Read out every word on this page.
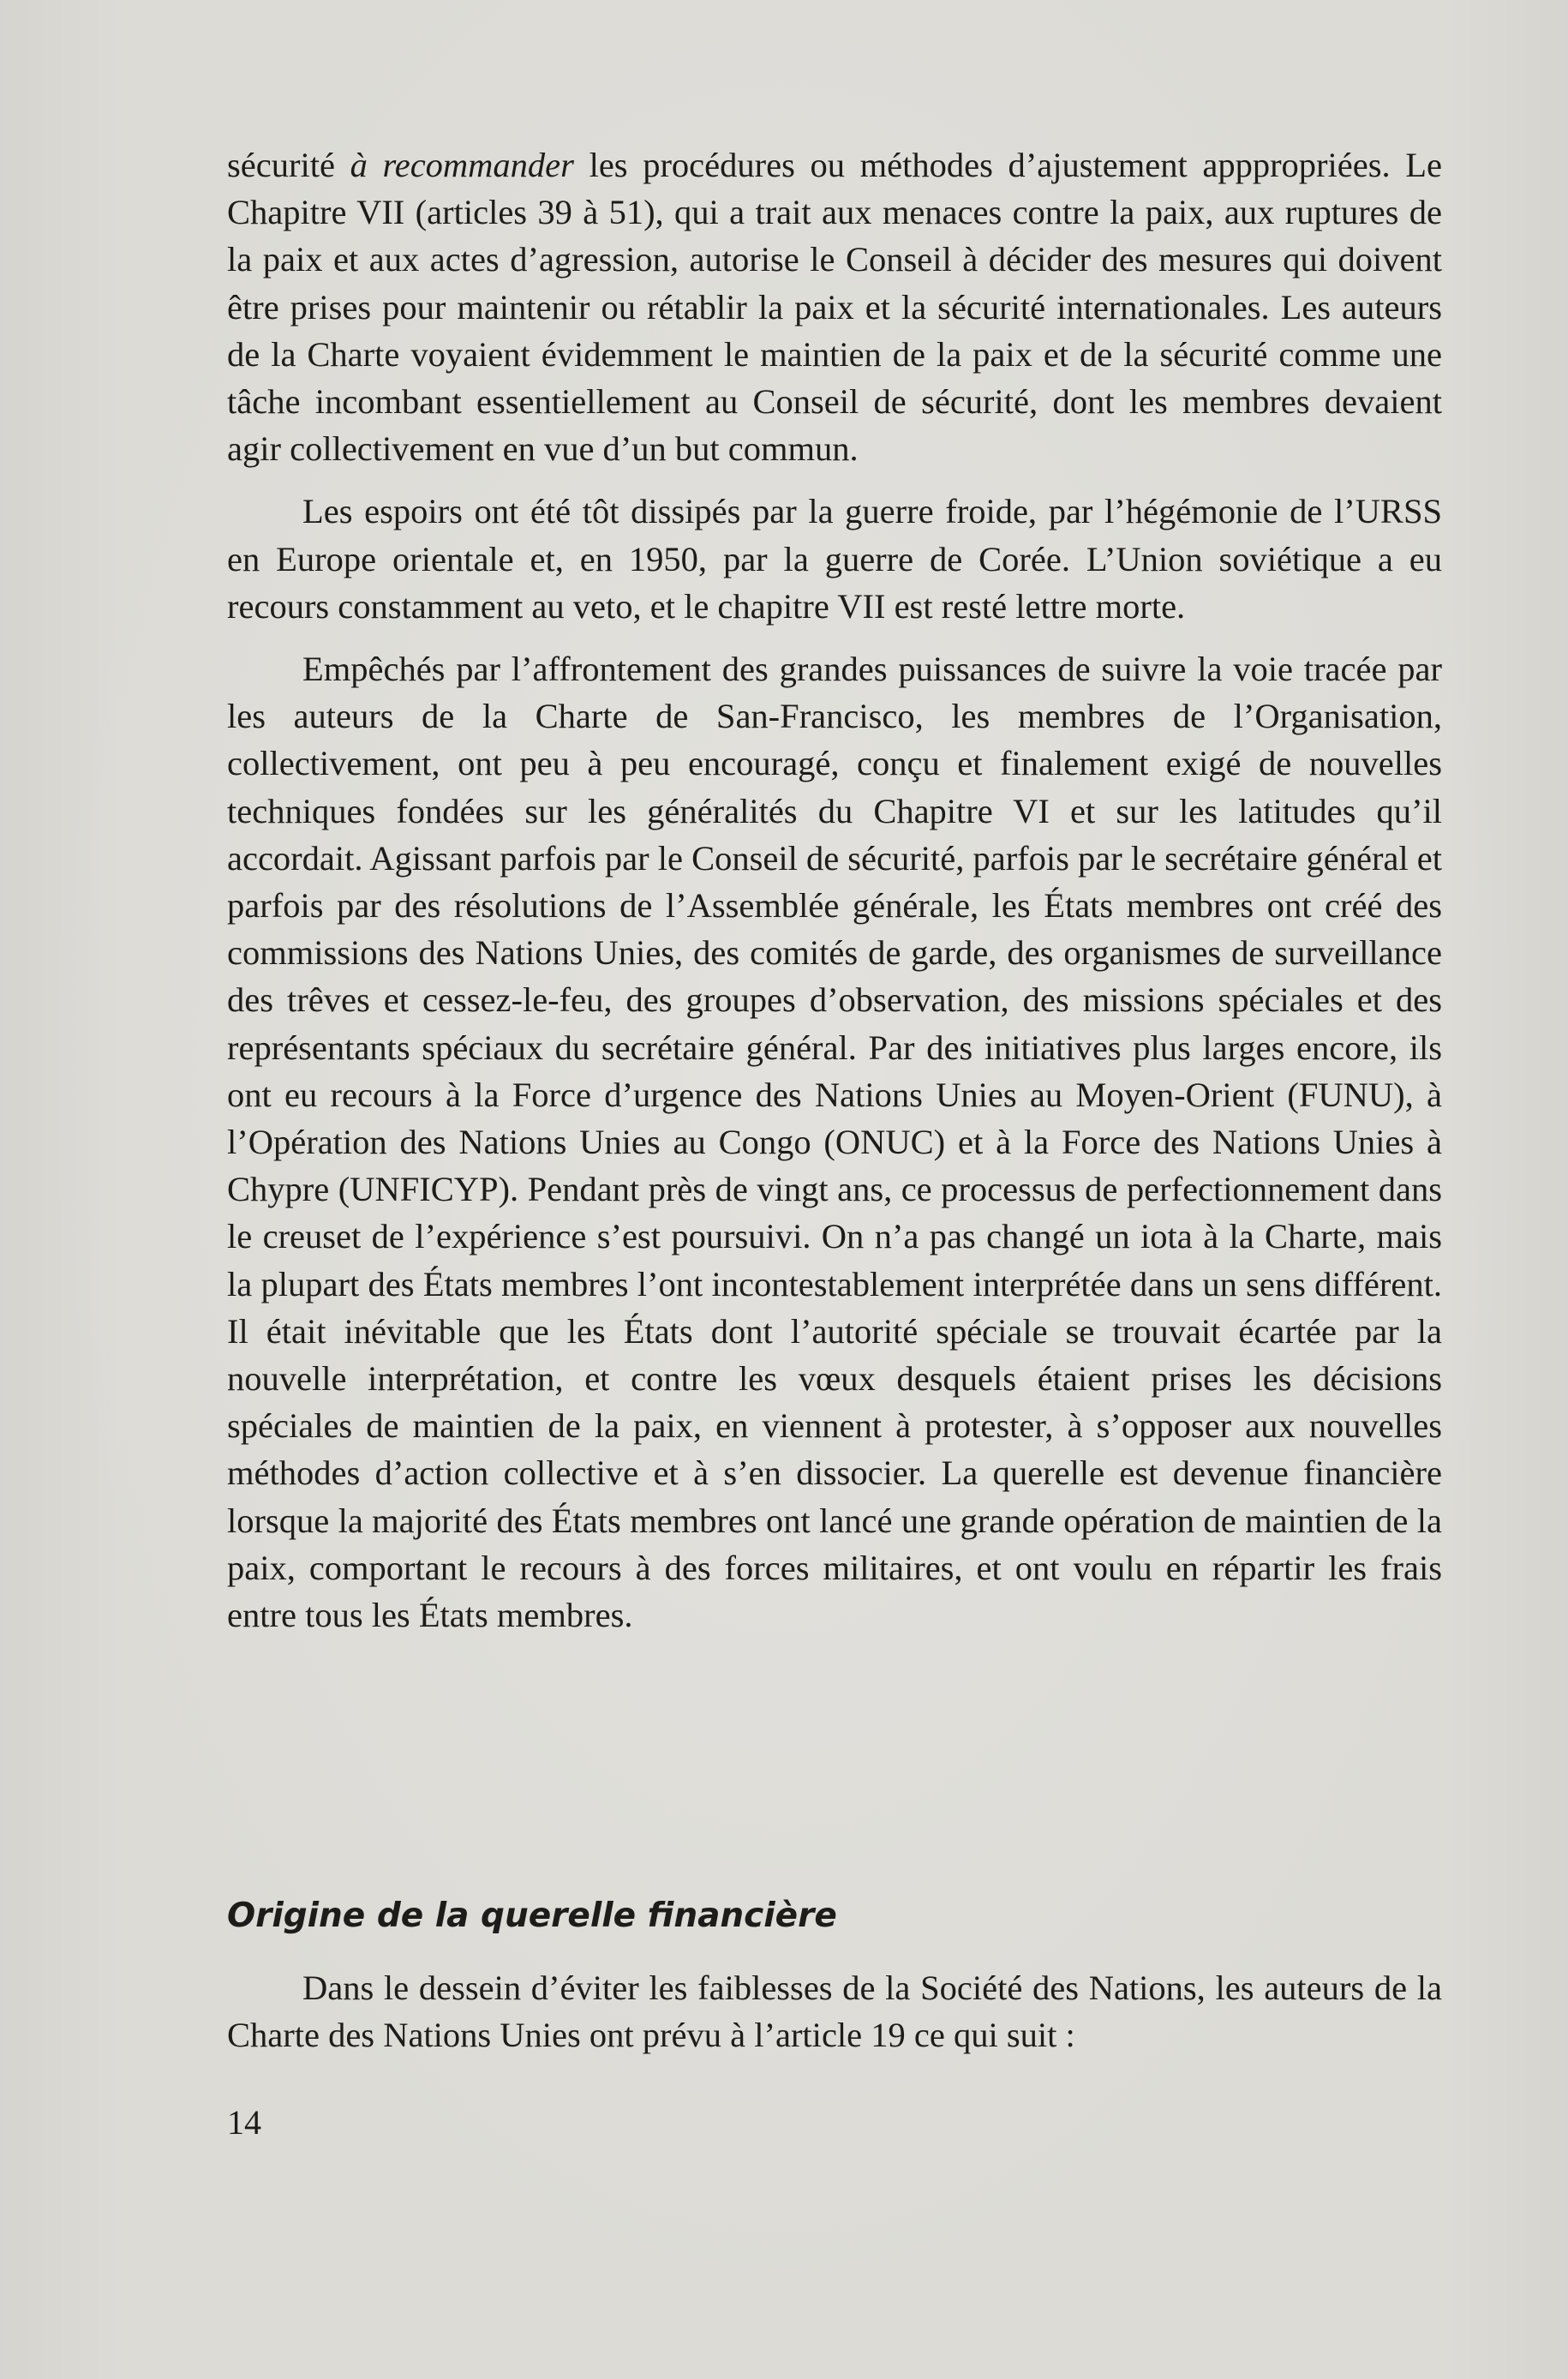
sécurité à recommander les procédures ou méthodes d’ajustement apppropriées. Le Chapitre VII (articles 39 à 51), qui a trait aux menaces contre la paix, aux ruptures de la paix et aux actes d’agression, autorise le Conseil à décider des mesures qui doivent être prises pour maintenir ou rétablir la paix et la sécurité internationales. Les auteurs de la Charte voyaient évidemment le maintien de la paix et de la sécurité comme une tâche incombant essentiellement au Conseil de sécurité, dont les membres devaient agir collectivement en vue d’un but commun.

Les espoirs ont été tôt dissipés par la guerre froide, par l’hégémonie de l’URSS en Europe orientale et, en 1950, par la guerre de Corée. L’Union soviétique a eu recours constamment au veto, et le chapitre VII est resté lettre morte.

Empêchés par l’affrontement des grandes puissances de suivre la voie tracée par les auteurs de la Charte de San-Francisco, les membres de l’Organisation, collectivement, ont peu à peu encouragé, conçu et finalement exigé de nouvelles techniques fondées sur les généralités du Chapitre VI et sur les latitudes qu’il accordait. Agissant parfois par le Conseil de sécurité, parfois par le secrétaire général et parfois par des résolutions de l’Assemblée générale, les États membres ont créé des commissions des Nations Unies, des comités de garde, des organismes de surveillance des trêves et cessez-le-feu, des groupes d’observation, des missions spéciales et des représentants spéciaux du secrétaire général. Par des initiatives plus larges encore, ils ont eu recours à la Force d’urgence des Nations Unies au Moyen-Orient (FUNU), à l’Opération des Nations Unies au Congo (ONUC) et à la Force des Nations Unies à Chypre (UNFICYP). Pendant près de vingt ans, ce processus de perfectionnement dans le creuset de l’expérience s’est poursuivi. On n’a pas changé un iota à la Charte, mais la plupart des États membres l’ont incontestablement interprétée dans un sens différent. Il était inévitable que les États dont l’autorité spéciale se trouvait écartée par la nouvelle interprétation, et contre les vœux desquels étaient prises les décisions spéciales de maintien de la paix, en viennent à protester, à s’opposer aux nouvelles méthodes d’action collective et à s’en dissocier. La querelle est devenue financière lorsque la majorité des États membres ont lancé une grande opération de maintien de la paix, comportant le recours à des forces militaires, et ont voulu en répartir les frais entre tous les États membres.

Origine de la querelle financière

Dans le dessein d’éviter les faiblesses de la Société des Nations, les auteurs de la Charte des Nations Unies ont prévu à l’article 19 ce qui suit :

14
